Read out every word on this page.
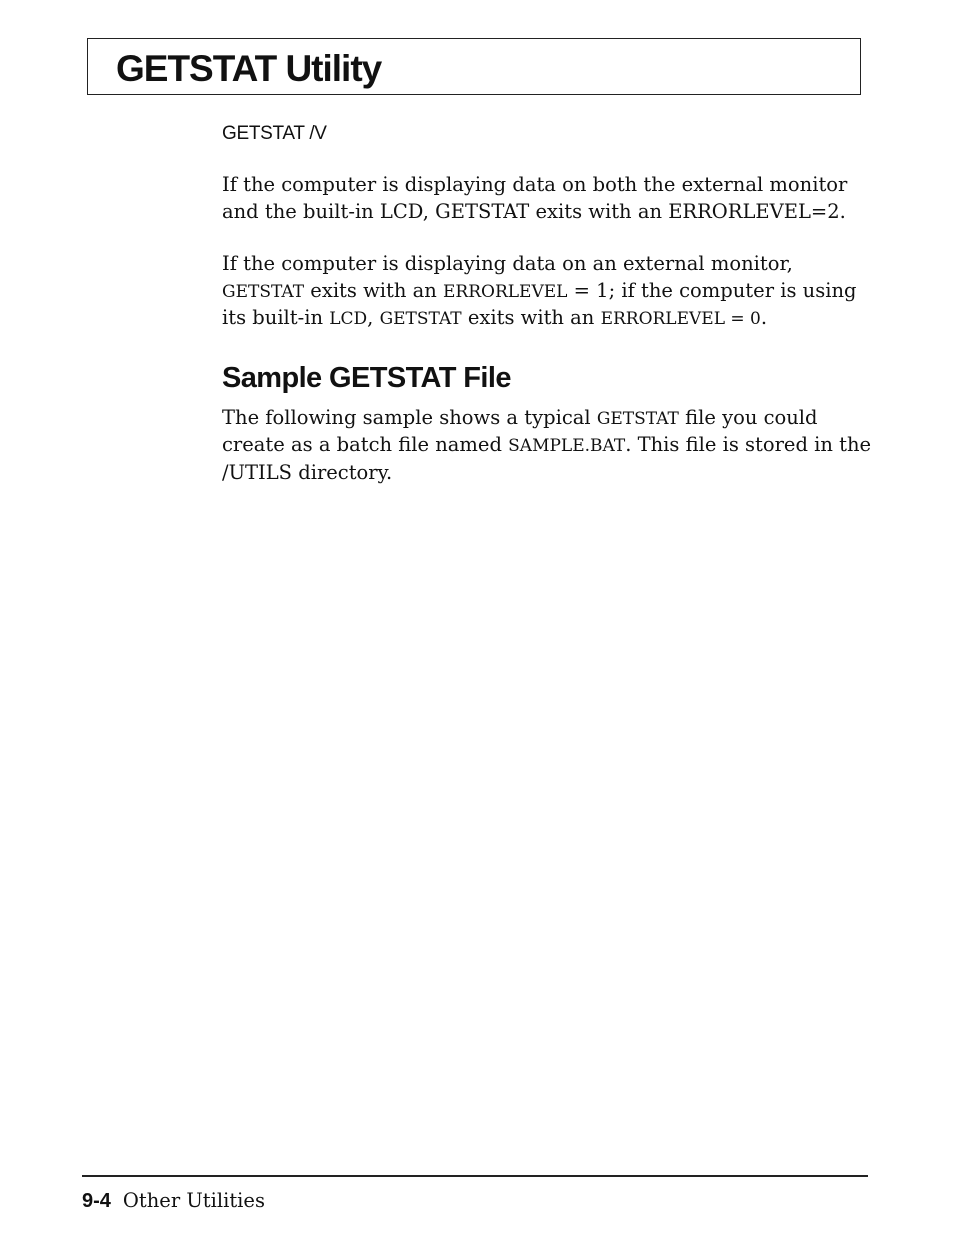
GETSTAT Utility

GETSTAT /V

If the computer is displaying data on both the external monitor and the built-in LCD, GETSTAT exits with an ERRORLEVEL=2.

If the computer is displaying data on an external monitor, GETSTAT exits with an ERRORLEVEL = 1; if the computer is using its built-in LCD, GETSTAT exits with an ERRORLEVEL = 0.

Sample GETSTAT File

The following sample shows a typical GETSTAT file you could create as a batch file named SAMPLE.BAT. This file is stored in the /UTILS directory.

9-4 Other Utilities
